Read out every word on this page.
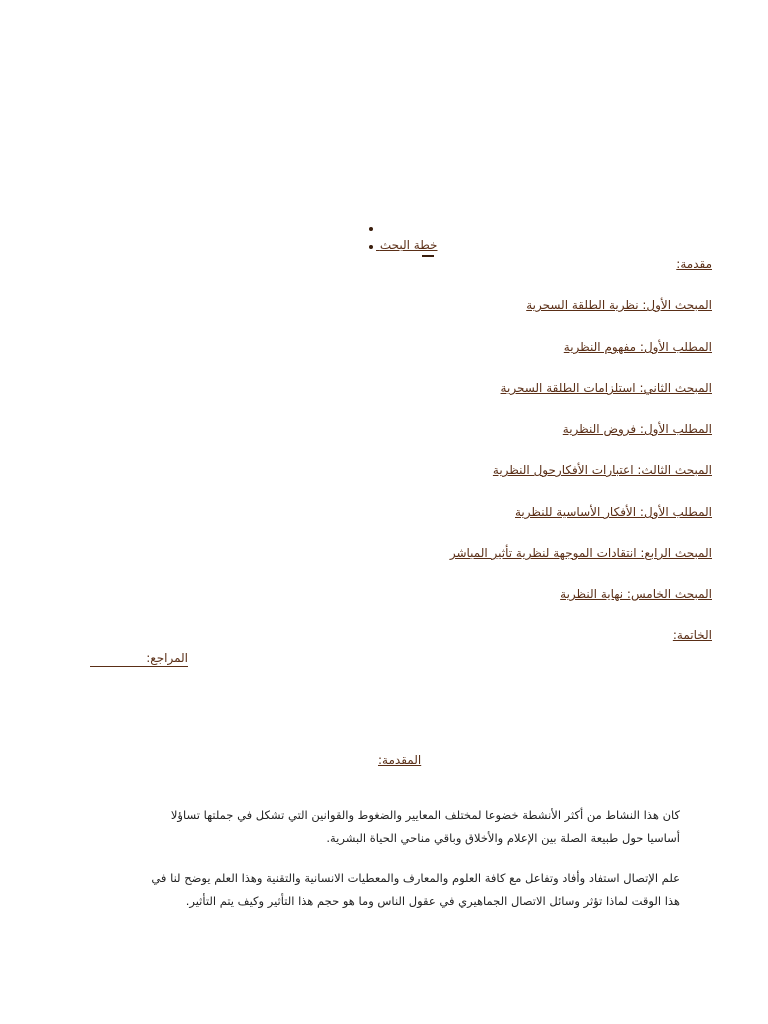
خطة البحث
مقدمة:
المبحث الأول: نظرية الطلقة السحرية
المطلب الأول: مفهوم النظرية
المبحث الثاني: استلزامات الطلقة السحرية
المطلب الأول: فروض النظرية
المبحث الثالث: اعتبارات الأفكارحول النظرية
المطلب الأول: الأفكار الأساسية للنظرية
المبحث الرابع: انتقادات الموجهة لنظرية تأثير المباشر
المبحث الخامس: نهاية النظرية
الخاتمة:
المراجع:
المقدمة:
كان هذا النشاط من أكثر الأنشطة خضوعا لمختلف المعايير والضغوط والقوانين التي تشكل في جملتها تساؤلا
أساسيا حول طبيعة الصلة بين الإعلام والأخلاق وباقي مناحي الحياة البشرية.
علم الإتصال استفاد وأفاد وتفاعل مع كافة العلوم والمعارف والمعطيات الانسانية والتقنية وهذا العلم يوضح لنا في
هذا الوقت لماذا تؤثر وسائل الاتصال الجماهيري في عقول الناس وما هو حجم هذا التأثير وكيف يتم التأثير.
